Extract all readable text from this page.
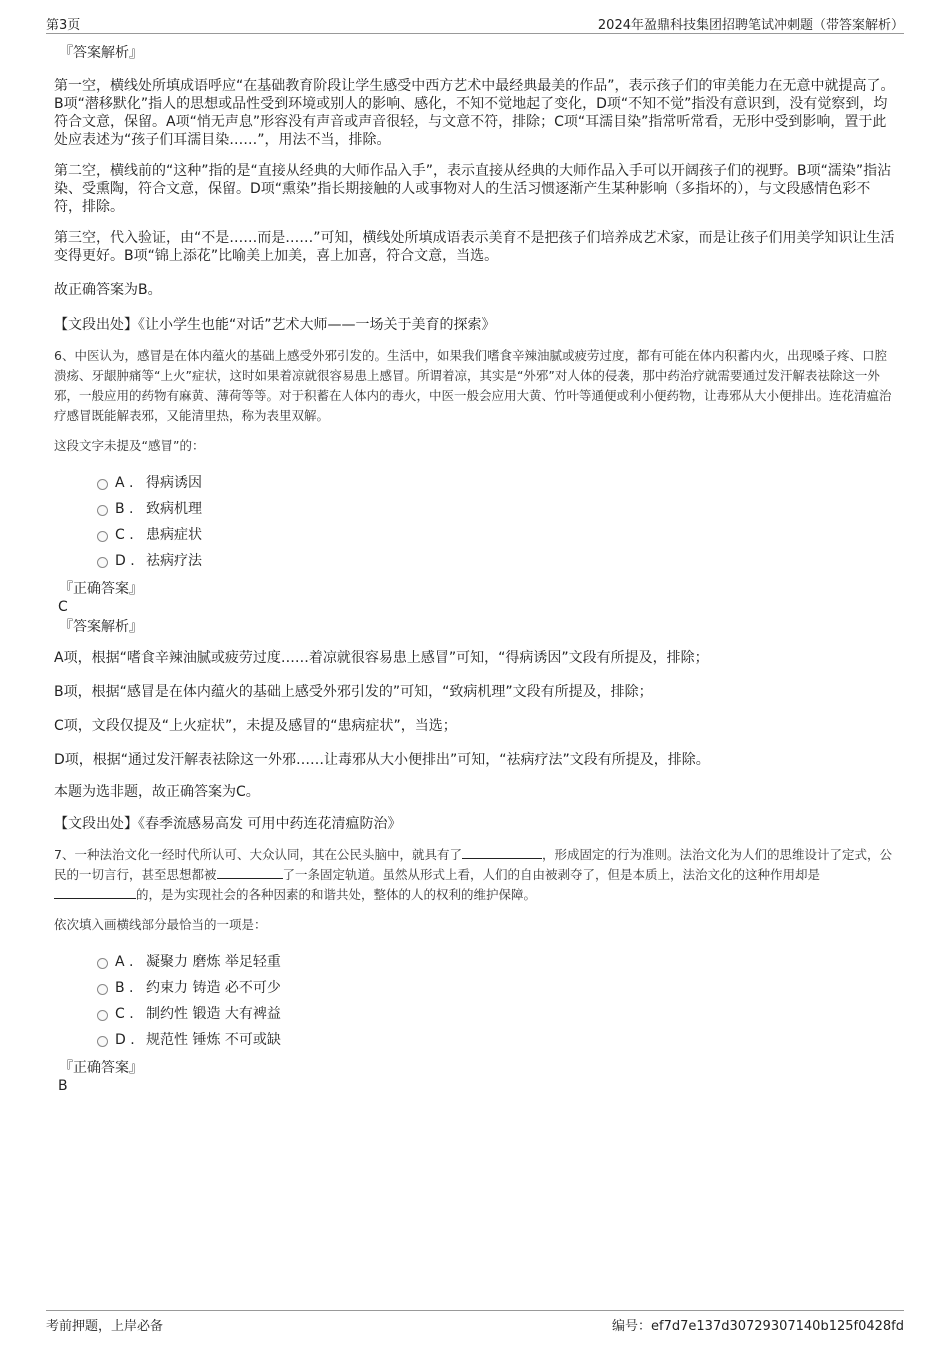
第3页	2024年盈鼎科技集团招聘笔试冲刺题（带答案解析）

『答案解析』

第一空，横线处所填成语呼应“在基础教育阶段让学生感受中西方艺术中最经典最美的作品”，表示孩子们的审美能力在无意中就提高了。B项“潜移默化”指人的思想或品性受到环境或别人的影响、感化，不知不觉地起了变化，D项“不知不觉”指没有意识到，没有觉察到，均符合文意，保留。A项“悄无声息”形容没有声音或声音很轻，与文意不符，排除；C项“耳濡目染”指常听常看，无形中受到影响，置于此处应表述为“孩子们耳濡目染……”，用法不当，排除。

第二空，横线前的“这种”指的是“直接从经典的大师作品入手”，表示直接从经典的大师作品入手可以开阔孩子们的视野。B项“濡染”指沾染、受熏陶，符合文意，保留。D项“熏染”指长期接触的人或事物对人的生活习惯逐渐产生某种影响（多指坏的），与文段感情色彩不符，排除。

第三空，代入验证，由“不是……而是……”可知，横线处所填成语表示美育不是把孩子们培养成艺术家，而是让孩子们用美学知识让生活变得更好。B项“锦上添花”比喻美上加美，喜上加喜，符合文意，当选。

故正确答案为B。

【文段出处】《让小学生也能“对话”艺术大师——一场关于美育的探索》

6、中医认为，感冒是在体内蕴火的基础上感受外邪引发的。生活中，如果我们嗜食辛辣油腻或疲劳过度，都有可能在体内积蓄内火，出现嗓子疼、口腔溃疡、牙龈肿痛等“上火”症状，这时如果着凉就很容易患上感冒。所谓着凉，其实是“外邪”对人体的侵袭，那中药治疗就需要通过发汗解表祛除这一外邪，一般应用的药物有麻黄、薄荷等等。对于积蓄在人体内的毒火，中医一般会应用大黄、竹叶等通便或利小便药物，让毒邪从大小便排出。连花清瘟治疗感冒既能解表邪，又能清里热，称为表里双解。

这段文字未提及“感冒”的：

A . 得病诱因
B . 致病机理
C . 患病症状
D . 祛病疗法

『正确答案』

C

『答案解析』

A项，根据“嗜食辛辣油腻或疲劳过度……着凉就很容易患上感冒”可知，“得病诱因”文段有所提及，排除；

B项，根据“感冒是在体内蕴火的基础上感受外邪引发的”可知，“致病机理”文段有所提及，排除；

C项，文段仅提及“上火症状”，未提及感冒的“患病症状”，当选；

D项，根据“通过发汗解表祛除这一外邪……让毒邪从大小便排出”可知，“祛病疗法”文段有所提及，排除。

本题为选非题，故正确答案为C。

【文段出处】《春季流感易高发 可用中药连花清瘟防治》

7、一种法治文化一经时代所认可、大众认同，其在公民头脑中，就具有了	，形成固定的行为准则。法治文化为人们的思维设计了定式，公民的一切言行，甚至思想都被	了一条固定轨道。虽然从形式上看，人们的自由被剥夺了，但是本质上，法治文化的这种作用却是的，是为实现社会的各种因素的和谐共处，整体的人的权利的维护保障。

依次填入画横线部分最恰当的一项是：

A . 凝聚力 磨炼 举足轻重
B . 约束力 铸造 必不可少
C . 制约性 锻造 大有裨益
D . 规范性 锤炼 不可或缺

『正确答案』

B

考前押题，上岸必备	编号：ef7d7e137d30729307140b125f0428fd
